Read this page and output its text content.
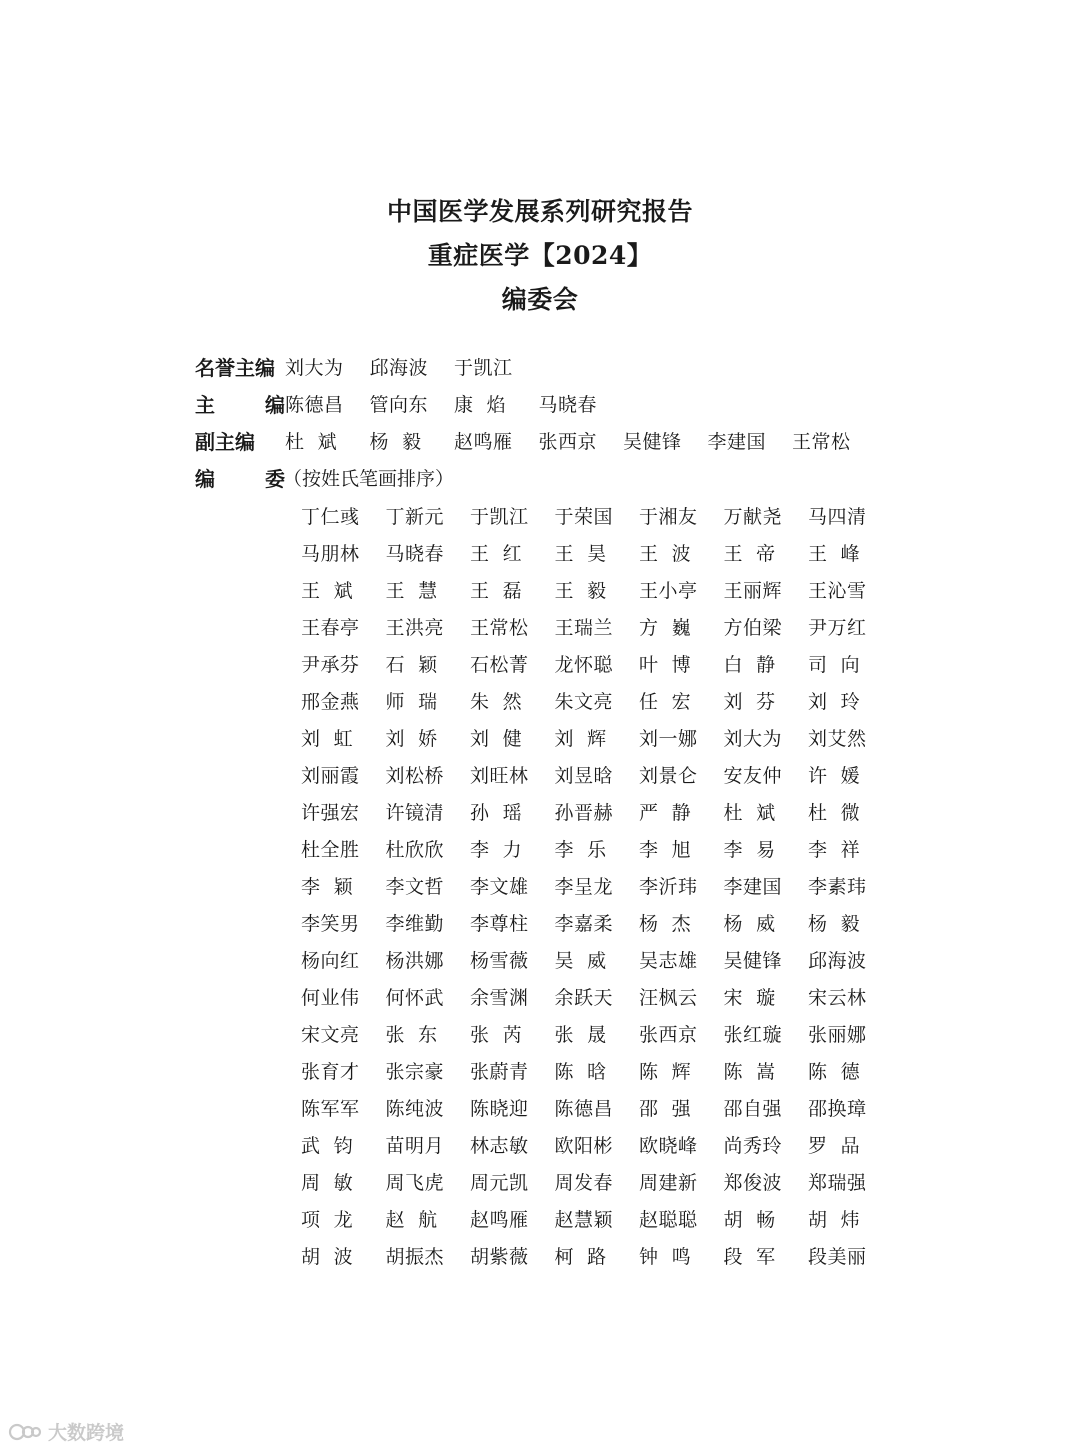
中国医学发展系列研究报告
重症医学【2024】
编委会
名誉主编 刘大为	邱海波	于凯江
主	编 陈德昌	管向东	康  焰	马晓春
副主编	杜  斌	杨  毅	赵鸣雁	张西京	吴健锋	李建国	王常松
编	委
（按姓氏笔画排序）
丁仁彧	丁新元	于凯江	于荣国	于湘友	万献尧	马四清
马朋林	马晓春	王  红	王  昊	王  波	王  帝	王  峰
王  斌	王  慧	王  磊	王  毅	王小亭	王丽辉	王沁雪
王春亭	王洪亮	王常松	王瑞兰	方  巍	方伯梁	尹万红
尹承芬	石  颖	石松菁	龙怀聪	叶  博	白  静	司  向
邢金燕	师  瑞	朱  然	朱文亮	任  宏	刘  芬	刘  玲
刘  虹	刘  娇	刘  健	刘  辉	刘一娜	刘大为	刘艾然
刘丽霞	刘松桥	刘旺林	刘昱晗	刘景仑	安友仲	许  媛
许强宏	许镜清	孙  瑶	孙晋赫	严  静	杜  斌	杜  微
杜全胜	杜欣欣	李  力	李  乐	李  旭	李  易	李  祥
李  颖	李文哲	李文雄	李呈龙	李沂玮	李建国	李素玮
李笑男	李维勤	李尊柱	李嘉柔	杨  杰	杨  威	杨  毅
杨向红	杨洪娜	杨雪薇	吴  威	吴志雄	吴健锋	邱海波
何业伟	何怀武	余雪渊	余跃天	汪枫云	宋  璇	宋云林
宋文亮	张  东	张  芮	张  晟	张西京	张红璇	张丽娜
张育才	张宗豪	张蔚青	陈  晗	陈  辉	陈  嵩	陈  德
陈军军	陈纯波	陈晓迎	陈德昌	邵  强	邵自强	邵换璋
武  钧	苗明月	林志敏	欧阳彬	欧晓峰	尚秀玲	罗  品
周  敏	周飞虎	周元凯	周发春	周建新	郑俊波	郑瑞强
项  龙	赵  航	赵鸣雁	赵慧颖	赵聪聪	胡  畅	胡  炜
胡  波	胡振杰	胡紫薇	柯  路	钟  鸣	段  军	段美丽
大数跨境
